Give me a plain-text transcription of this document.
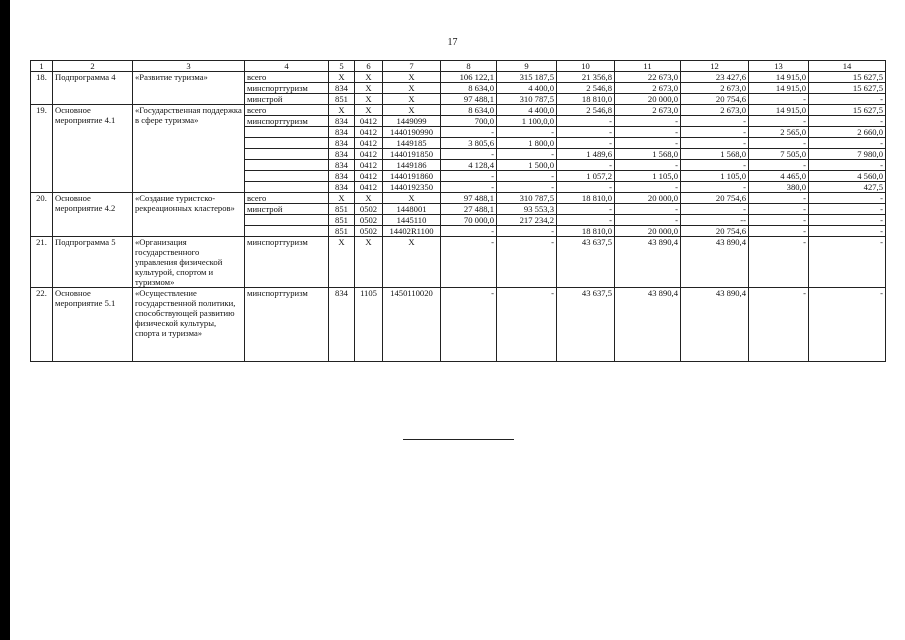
17
1	2	3	4	5	6	7	8	9	10	11	12	13	14
18.	Подпрограмма 4	«Развитие туризма»	всего	Х	Х	Х	106 122,1	315 187,5	21 356,8	22 673,0	23 427,6	14 915,0	15 627,5
			минспорттуризм	834	Х	Х	8 634,0	4 400,0	2 546,8	2 673,0	2 673,0	14 915,0	15 627,5
			минстрой	851	Х	Х	97 488,1	310 787,5	18 810,0	20 000,0	20 754,6	-	-
19.	Основное мероприятие 4.1	«Государственная поддержка в сфере туризма»	всего	Х	Х	Х	8 634,0	4 400,0	2 546,8	2 673,0	2 673,0	14 915,0	15 627,5
			минспорттуризм	834	0412	1449099	700,0	1 100,0,0	-	-	-	-	-
				834	0412	1440190990	-	-	-	-	-	2 565,0	2 660,0
				834	0412	1449185	3 805,6	1 800,0	-	-	-	-	-
				834	0412	1440191850	-	-	1 489,6	1 568,0	1 568,0	7 505,0	7 980,0
				834	0412	1449186	4 128,4	1 500,0	-	-	-	-	-
				834	0412	1440191860	-	-	1 057,2	1 105,0	1 105,0	4 465,0	4 560,0
				834	0412	1440192350	-	-	-	-	-	380,0	427,5
20.	Основное мероприятие 4.2	«Создание туристско-рекреационных кластеров»	всего	Х	Х	Х	97 488,1	310 787,5	18 810,0	20 000,0	20 754,6	-	-
			минстрой	851	0502	1448001	27 488,1	93 553,3	-	-	-	-	-
				851	0502	1445110	70 000,0	217 234,2	-	-	--	-	-
				851	0502	14402R1100	-	-	18 810,0	20 000,0	20 754,6	-	-
21.	Подпрограмма 5	«Организация государственного управления физической культурой, спортом и туризмом»	минспорттуризм	Х	Х	Х	-	-	43 637,5	43 890,4	43 890,4	-	-
22.	Основное мероприятие 5.1	«Осуществление государственной политики, способствующей развитию физической культуры, спорта и туризма»	минспорттуризм	834	1105	1450110020	-	-	43 637,5	43 890,4	43 890,4	-	-
